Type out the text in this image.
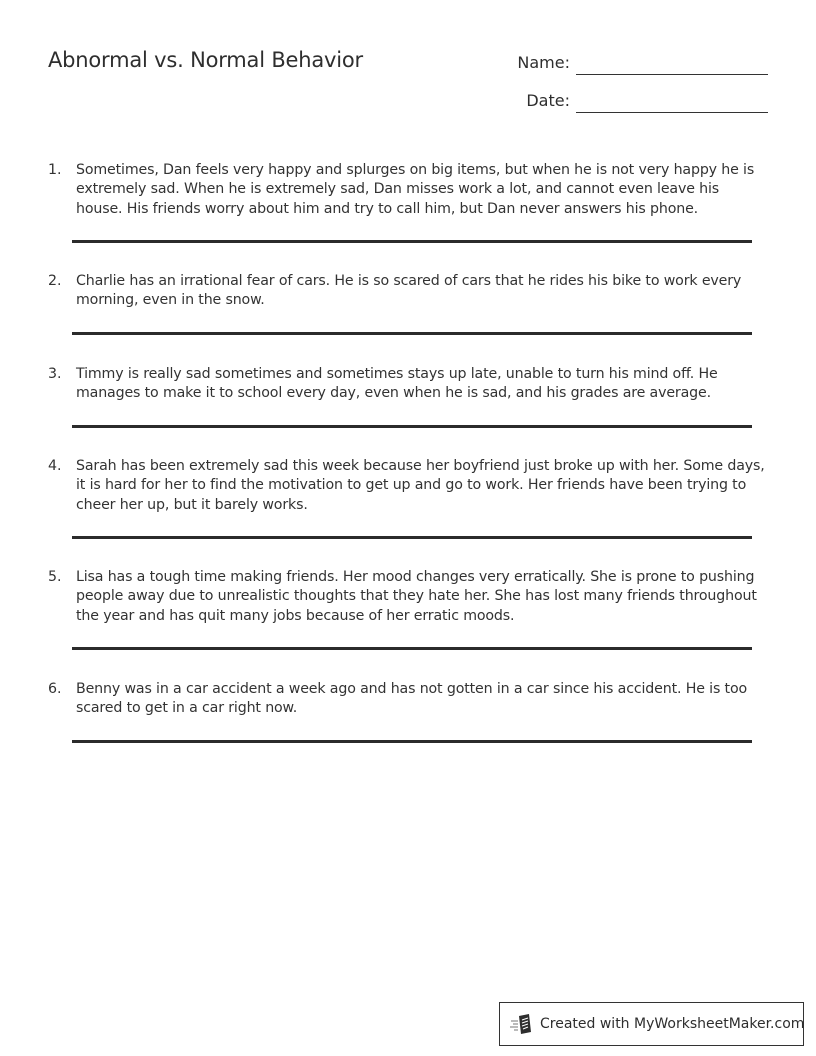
Abnormal vs. Normal Behavior	Name:
Date:
1.	Sometimes, Dan feels very happy and splurges on big items, but when he is not very happy he is extremely sad. When he is extremely sad, Dan misses work a lot, and cannot even leave his house. His friends worry about him and try to call him, but Dan never answers his phone.
2.	Charlie has an irrational fear of cars. He is so scared of cars that he rides his bike to work every morning, even in the snow.
3.	Timmy is really sad sometimes and sometimes stays up late, unable to turn his mind off. He manages to make it to school every day, even when he is sad, and his grades are average.
4.	Sarah has been extremely sad this week because her boyfriend just broke up with her. Some days, it is hard for her to find the motivation to get up and go to work. Her friends have been trying to cheer her up, but it barely works.
5.	Lisa has a tough time making friends. Her mood changes very erratically. She is prone to pushing people away due to unrealistic thoughts that they hate her. She has lost many friends throughout the year and has quit many jobs because of her erratic moods.
6.	Benny was in a car accident a week ago and has not gotten in a car since his accident. He is too scared to get in a car right now.
Created with MyWorksheetMaker.com
